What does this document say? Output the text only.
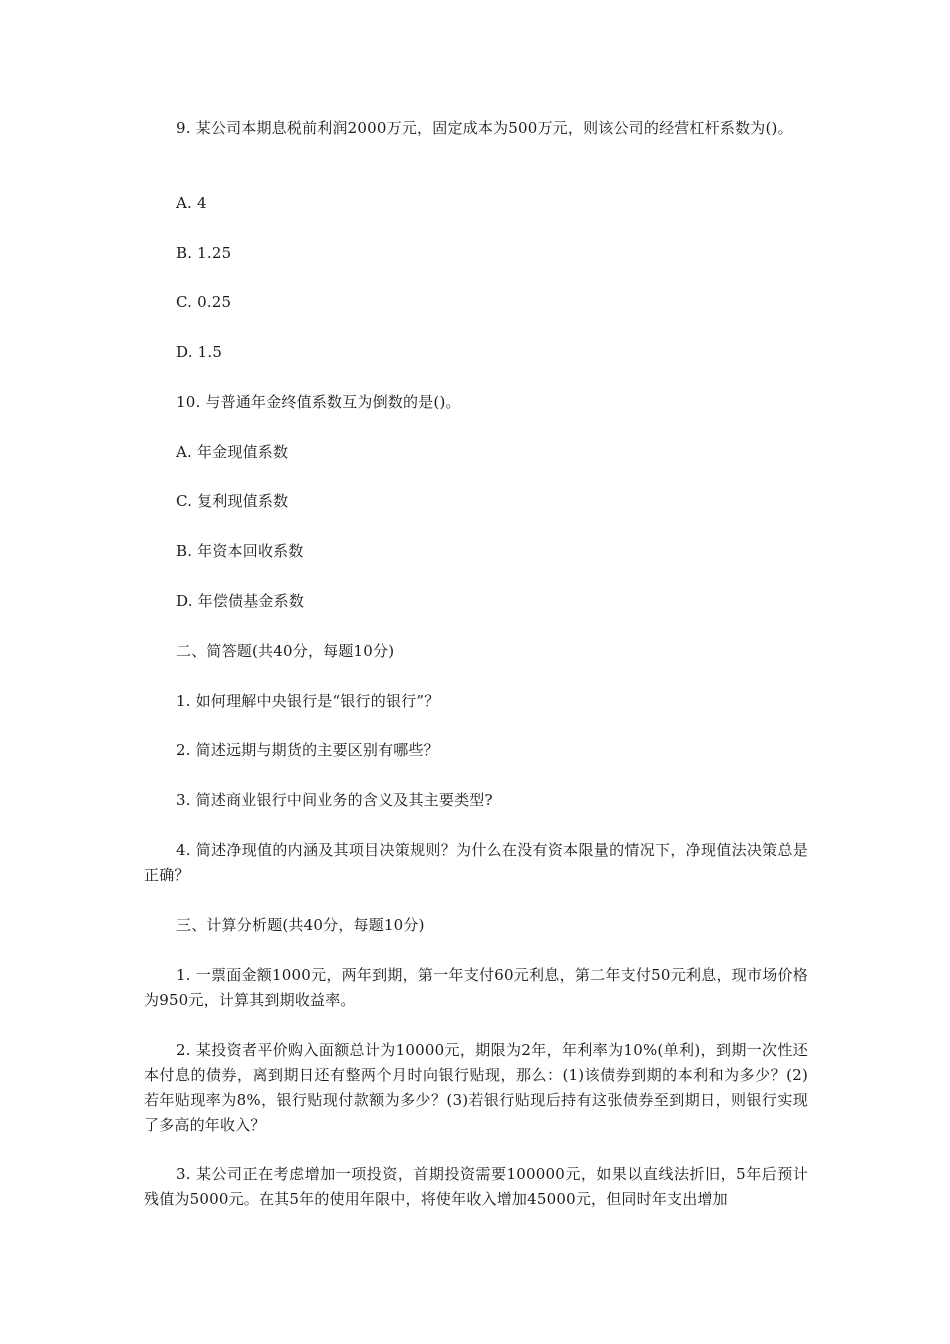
9. 某公司本期息税前利润2000万元，固定成本为500万元，则该公司的经营杠杆系数为()。
A. 4
B. 1.25
C. 0.25
D. 1.5
10. 与普通年金终值系数互为倒数的是()。
A. 年金现值系数
C. 复利现值系数
B. 年资本回收系数
D. 年偿债基金系数
二、简答题(共40分，每题10分)
1. 如何理解中央银行是“银行的银行”？
2. 简述远期与期货的主要区别有哪些？
3. 简述商业银行中间业务的含义及其主要类型?
4. 简述净现值的内涵及其项目决策规则？为什么在没有资本限量的情况下，净现值法决策总是正确？
三、计算分析题(共40分，每题10分)
1. 一票面金额1000元，两年到期，第一年支付60元利息，第二年支付50元利息，现市场价格为950元，计算其到期收益率。
2. 某投资者平价购入面额总计为10000元，期限为2年，年利率为10%(单利)，到期一次性还本付息的债券，离到期日还有整两个月时向银行贴现，那么：(1)该债券到期的本利和为多少？(2)若年贴现率为8%，银行贴现付款额为多少？(3)若银行贴现后持有这张债券至到期日，则银行实现了多高的年收入？
3. 某公司正在考虑增加一项投资，首期投资需要100000元，如果以直线法折旧，5年后预计残值为5000元。在其5年的使用年限中，将使年收入增加45000元，但同时年支出增加
